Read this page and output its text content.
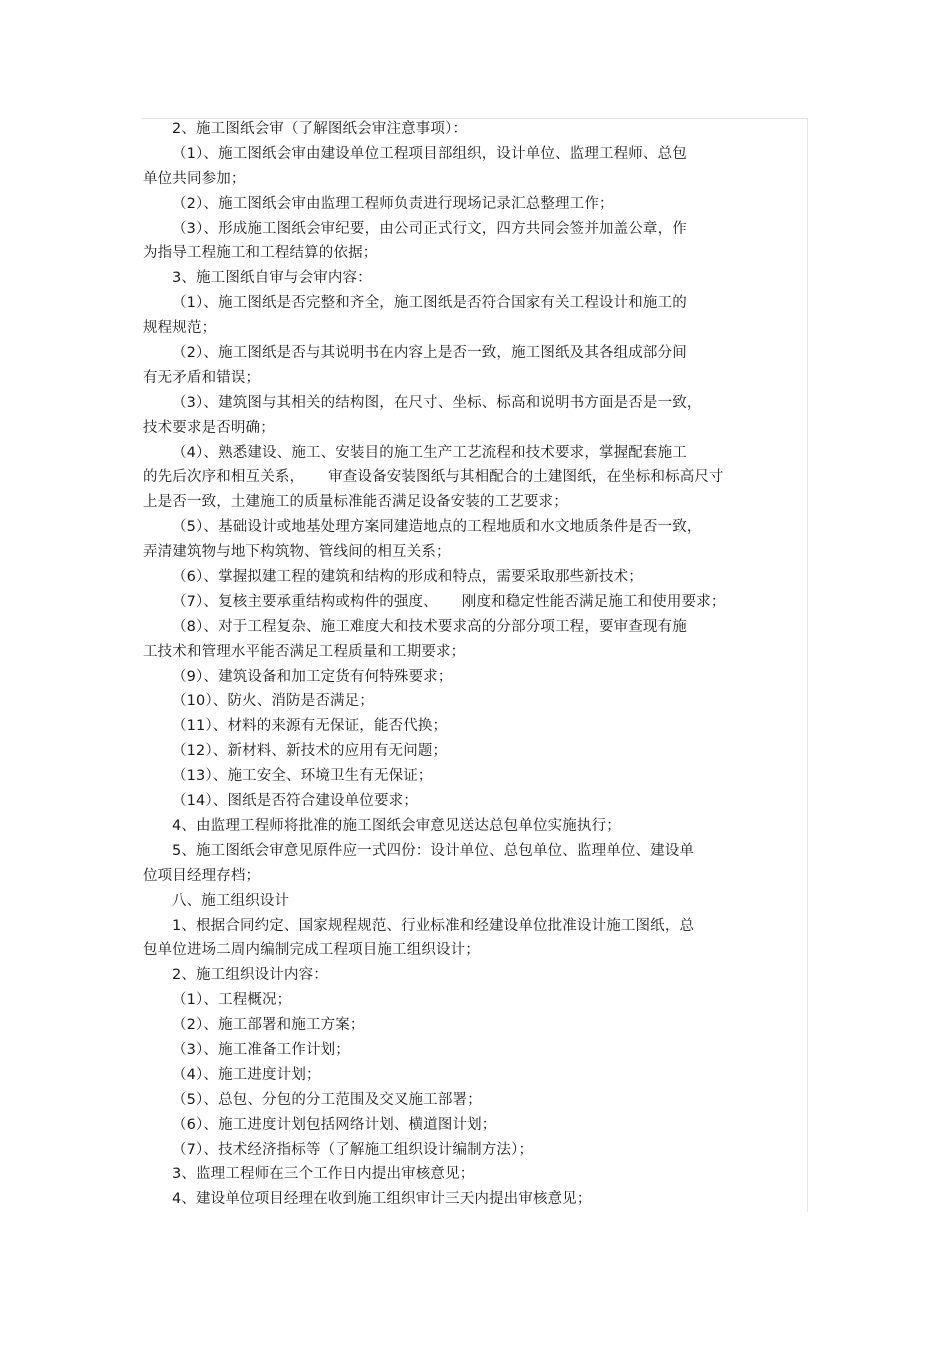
2、施工图纸会审（了解图纸会审注意事项）：
（1）、施工图纸会审由建设单位工程项目部组织，设计单位、监理工程师、总包
单位共同参加；
（2）、施工图纸会审由监理工程师负责进行现场记录汇总整理工作；
（3）、形成施工图纸会审纪要，由公司正式行文，四方共同会签并加盖公章，作
为指导工程施工和工程结算的依据；
3、施工图纸自审与会审内容：
（1）、施工图纸是否完整和齐全，施工图纸是否符合国家有关工程设计和施工的
规程规范；
（2）、施工图纸是否与其说明书在内容上是否一致，施工图纸及其各组成部分间
有无矛盾和错误；
（3）、建筑图与其相关的结构图，在尺寸、坐标、标高和说明书方面是否是一致，
技术要求是否明确；
（4）、熟悉建设、施工、安装目的施工生产工艺流程和技术要求，掌握配套施工
的先后次序和相互关系， 审查设备安装图纸与其相配合的土建图纸，在坐标和标高尺寸
上是否一致，土建施工的质量标准能否满足设备安装的工艺要求；
（5）、基础设计或地基处理方案同建造地点的工程地质和水文地质条件是否一致，
弄清建筑物与地下构筑物、管线间的相互关系；
（6）、掌握拟建工程的建筑和结构的形成和特点，需要采取那些新技术；
（7）、复核主要承重结构或构件的强度、 刚度和稳定性能否满足施工和使用要求；
（8）、对于工程复杂、施工难度大和技术要求高的分部分项工程，要审查现有施
工技术和管理水平能否满足工程质量和工期要求；
（9）、建筑设备和加工定货有何特殊要求；
（10）、防火、消防是否满足；
（11）、材料的来源有无保证，能否代换；
（12）、新材料、新技术的应用有无问题；
（13）、施工安全、环境卫生有无保证；
（14）、图纸是否符合建设单位要求；
4、由监理工程师将批准的施工图纸会审意见送达总包单位实施执行；
5、施工图纸会审意见原件应一式四份：设计单位、总包单位、监理单位、建设单
位项目经理存档；
八、施工组织设计
1、根据合同约定、国家规程规范、行业标准和经建设单位批准设计施工图纸，总
包单位进场二周内编制完成工程项目施工组织设计；
2、施工组织设计内容：
（1）、工程概况；
（2）、施工部署和施工方案；
（3）、施工准备工作计划；
（4）、施工进度计划；
（5）、总包、分包的分工范围及交叉施工部署；
（6）、施工进度计划包括网络计划、横道图计划；
（7）、技术经济指标等（了解施工组织设计编制方法）；
3、监理工程师在三个工作日内提出审核意见；
4、建设单位项目经理在收到施工组织审计三天内提出审核意见；
